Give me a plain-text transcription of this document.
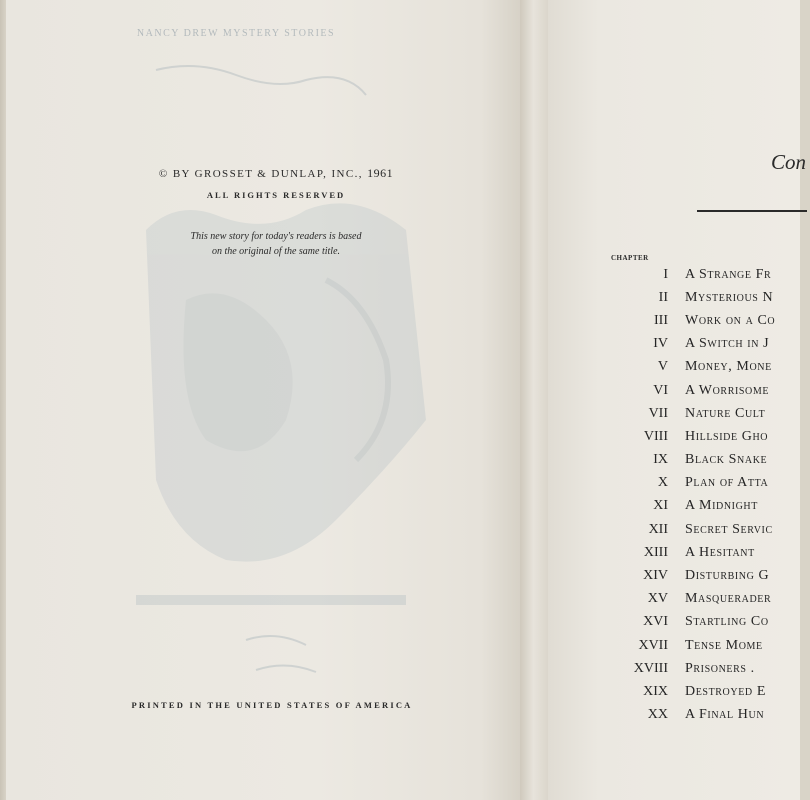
NANCY DREW MYSTERY STORIES
© BY GROSSET & DUNLAP, INC., 1961
ALL RIGHTS RESERVED
This new story for today's readers is based
on the original of the same title.
PRINTED IN THE UNITED STATES OF AMERICA
Con
CHAPTER
I A Strange Fr
II Mysterious N
III Work on a Co
IV A Switch in J
V Money, Mone
VI A Worrisome
VII Nature Cult
VIII Hillside Gho
IX Black Snake
X Plan of Atta
XI A Midnight
XII Secret Servic
XIII A Hesitant
XIV Disturbing G
XV Masquerader
XVI Startling Co
XVII Tense Mome
XVIII Prisoners .
XIX Destroyed E
XX A Final Hun
